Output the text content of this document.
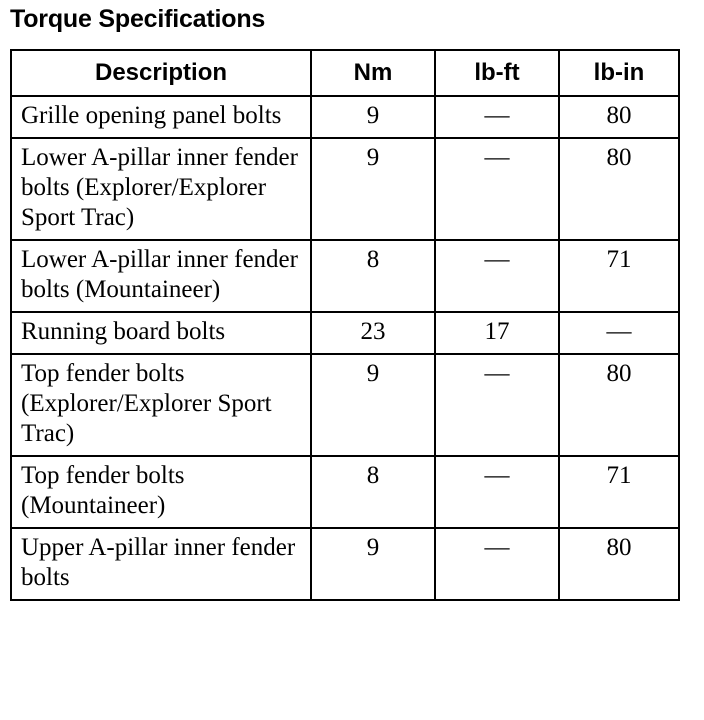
Torque Specifications
Description	Nm	lb-ft	lb-in
Grille opening panel bolts	9	—	80
Lower A-pillar inner fender bolts (Explorer/Explorer Sport Trac)	9	—	80
Lower A-pillar inner fender bolts (Mountaineer)	8	—	71
Running board bolts	23	17	—
Top fender bolts (Explorer/Explorer Sport Trac)	9	—	80
Top fender bolts (Mountaineer)	8	—	71
Upper A-pillar inner fender bolts	9	—	80
